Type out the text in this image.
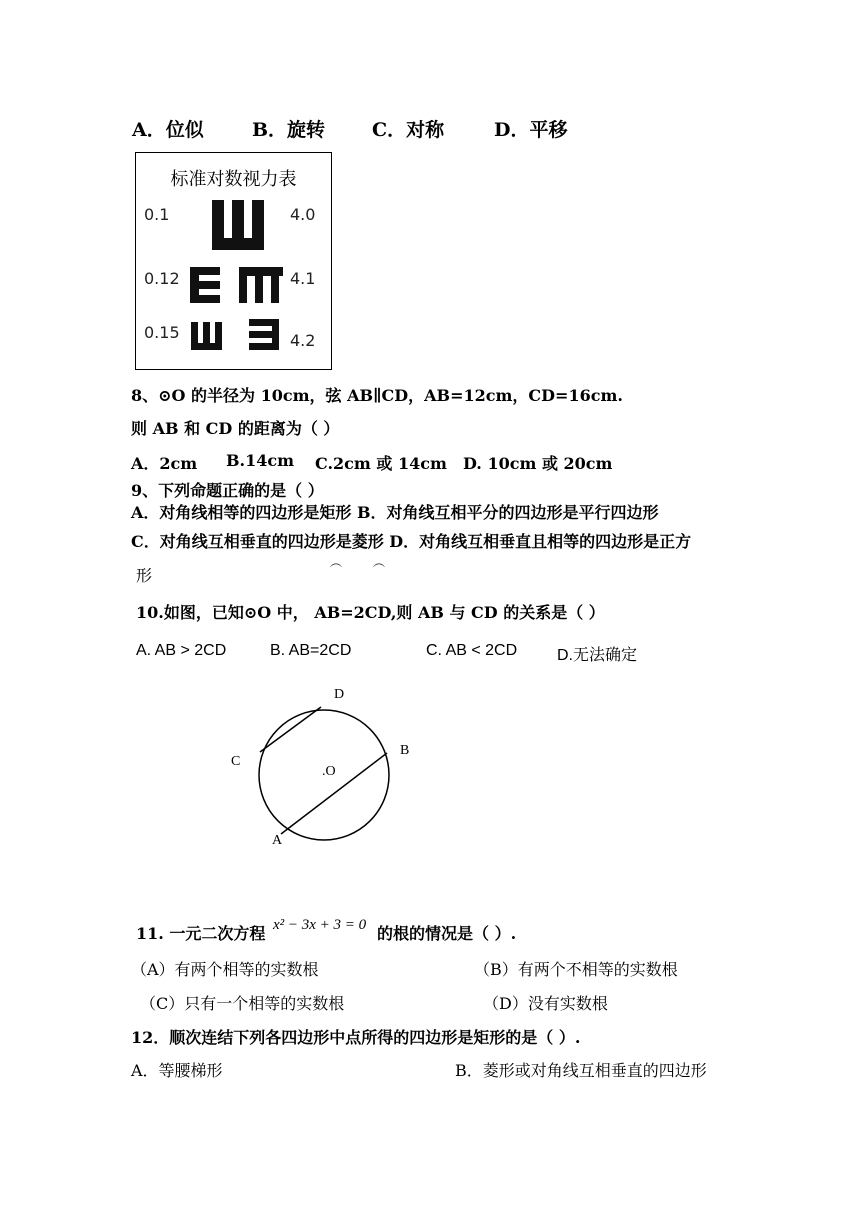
A．位似	B．旋转 C．对称	D．平移
标准对数视力表
0.1	4.0
0.12	4.1
0.15	4.2
8、⊙O 的半径为 10cm，弦 AB∥CD，AB=12cm，CD=16cm.
则 AB 和 CD 的距离为（ ）
A．2cm B.14cm C.2cm 或 14cm D. 10cm 或 20cm
9、下列命题正确的是（ ）
A．对角线相等的四边形是矩形 B．对角线互相平分的四边形是平行四边形
C．对角线互相垂直的四边形是菱形 D．对角线互相垂直且相等的四边形是正方
形
︵	︵
10.如图，已知⊙O 中， AB=2CD,则 AB 与 CD 的关系是（ ）
A. AB > 2CD	B. AB=2CD	C. AB < 2CD D.无法确定
D
C
B
.O
A
11. 一元二次方程 x² − 3x + 3 = 0 的根的情况是（ ）.
（A）有两个相等的实数根	（B）有两个不相等的实数根
（C）只有一个相等的实数根	（D）没有实数根
12．顺次连结下列各四边形中点所得的四边形是矩形的是（ ）.
A．等腰梯形	B．菱形或对角线互相垂直的四边形
